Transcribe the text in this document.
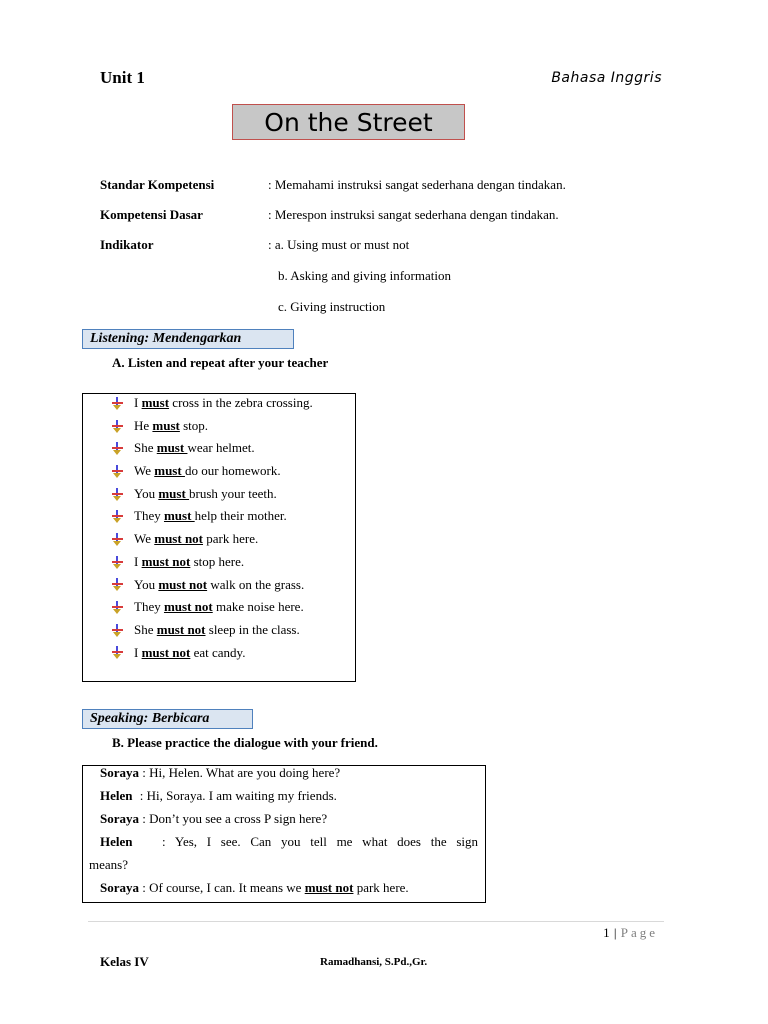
Unit 1	Bahasa Inggris
On the Street
Standar Kompetensi	: Memahami instruksi sangat sederhana dengan tindakan.
Kompetensi Dasar	: Merespon instruksi sangat sederhana dengan tindakan.
Indikator	: a. Using must or must not
b. Asking and giving information
c. Giving instruction
Listening: Mendengarkan
A. Listen and repeat after your teacher
I must cross in the zebra crossing.
He must stop.
She must wear helmet.
We must do our homework.
You must brush your teeth.
They must help their mother.
We must not park here.
I must not stop here.
You must not walk on the grass.
They must not make noise here.
She must not sleep in the class.
I must not eat candy.
Speaking: Berbicara
B. Please practice the dialogue with your friend.
Soraya : Hi, Helen. What are you doing here?
Helen : Hi, Soraya. I am waiting my friends.
Soraya : Don’t you see a cross P sign here?
Helen	: Yes, I see. Can you tell me what does the sign
means?
Soraya : Of course, I can. It means we must not park here.
1 | Page
Kelas IV	Ramadhansi, S.Pd.,Gr.
